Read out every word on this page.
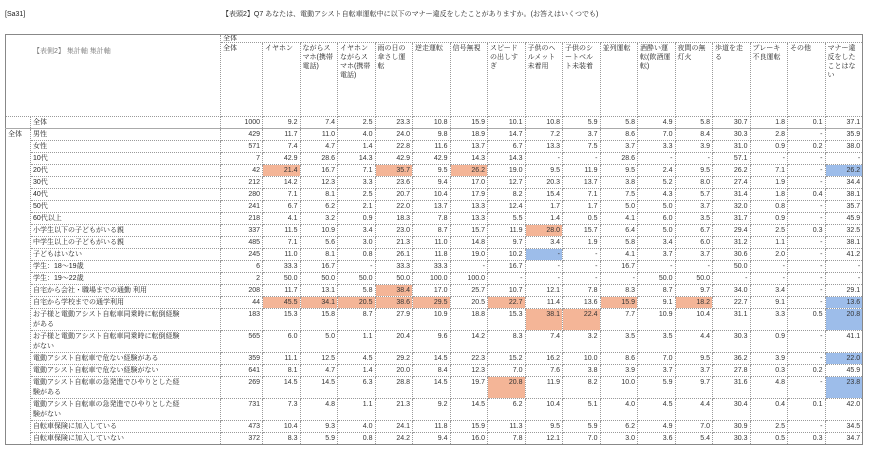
[Sa31]	【表頭2】Q7 あなたは、電動アシスト自転車運転中に以下のマナー違反をしたことがありますか。(お答えはいくつでも)
【表側2】 集計軸 集計軸		全体																
		全体	イヤホン	ながらスマホ(携帯電話)	イヤホン ながらスマホ(携帯電話)	雨の日の傘さし運転	逆走運転	信号無視	スピードの出しすぎ	子供のヘルメット未着用	子供のシートベルト未装着	並列運転	酒酔い運転(飲酒運転)	夜間の無灯火	歩道を走る	ブレーキ不良運転	その他	マナー違反をしたことはない

	全体	1000	9.2	7.4	2.5	23.3	10.8	15.9	10.1	10.8	5.9	5.8	4.9	5.8	30.7	1.8	0.1	37.1
全体	男性	429	11.7	11.0	4.0	24.0	9.8	18.9	14.7	7.2	3.7	8.6	7.0	8.4	30.3	2.8	-	35.9

	女性	571	7.4	4.7	1.4	22.8	11.6	13.7	6.7	13.3	7.5	3.7	3.3	3.9	31.0	0.9	0.2	38.0

	10代	7	42.9	28.6	14.3	42.9	42.9	14.3	14.3	-	-	28.6	-	-	57.1	-	-	-

	20代	42	21.4	16.7	7.1	35.7	9.5	26.2	19.0	9.5	11.9	9.5	2.4	9.5	26.2	7.1	-	26.2

	30代	212	14.2	12.3	3.3	23.6	9.4	17.0	12.7	20.3	13.7	3.8	5.2	8.0	27.4	1.9	-	34.4

	40代	280	7.1	8.1	2.5	20.7	10.4	17.9	8.2	15.4	7.1	7.5	4.3	5.7	31.4	1.8	0.4	38.1

	50代	241	6.7	6.2	2.1	22.0	13.7	13.3	12.4	1.7	1.7	5.0	5.0	3.7	32.0	0.8	-	35.7

	60代以上	218	4.1	3.2	0.9	18.3	7.8	13.3	5.5	1.4	0.5	4.1	6.0	3.5	31.7	0.9	-	45.9

	小学生以下の子どもがいる親	337	11.5	10.9	3.4	23.0	8.7	15.7	11.9	28.0	15.7	6.4	5.0	6.7	29.4	2.5	0.3	32.5

	中学生以上の子どもがいる親	485	7.1	5.6	3.0	21.3	11.0	14.8	9.7	3.4	1.9	5.8	3.4	6.0	31.2	1.1	-	38.1

	子どもはいない	245	11.0	8.1	0.8	26.1	11.8	19.0	10.2	-	-	4.1	3.7	3.7	30.6	2.0	-	41.2

	学生：18～19歳	6	33.3	16.7	-	33.3	33.3	-	16.7	-	-	16.7	-	-	50.0	-	-	-

	学生：19～22歳	2	50.0	50.0	50.0	50.0	100.0	100.0	-	-	-	-	50.0	50.0	-	-	-	-

	自宅から会社・職場までの通勤 利用	208	11.7	13.1	5.8	38.4	17.0	25.7	10.7	12.1	7.8	8.3	8.7	9.7	34.0	3.4	-	29.1

	自宅から学校までの通学利用	44	45.5	34.1	20.5	38.6	29.5	20.5	22.7	11.4	13.6	15.9	9.1	18.2	22.7	9.1	-	13.6

	お子様と電動アシスト自転車同乗時に転倒経験がある	183	15.3	15.8	8.7	27.9	10.9	18.8	15.3	38.1	22.4	7.7	10.9	10.4	31.1	3.3	0.5	20.8

	お子様と電動アシスト自転車同乗時に転倒経験がない	565	6.0	5.0	1.1	20.4	9.6	14.2	8.3	7.4	3.2	3.5	3.5	4.4	30.3	0.9	-	41.1

	電動アシスト自転車で危ない経験がある	359	11.1	12.5	4.5	29.2	14.5	22.3	15.2	16.2	10.0	8.6	7.0	9.5	36.2	3.9	-	22.0

	電動アシスト自転車で危ない経験がない	641	8.1	4.7	1.4	20.0	8.4	12.3	7.0	7.6	3.8	3.9	3.7	3.7	27.8	0.3	0.2	45.9

	電動アシスト自転車の急発進でひやりとした経験がある	269	14.5	14.5	6.3	28.8	14.5	19.7	20.8	11.9	8.2	10.0	5.9	9.7	31.6	4.8	-	23.8

	電動アシスト自転車の急発進でひやりとした経験がない	731	7.3	4.8	1.1	21.3	9.2	14.5	6.2	10.4	5.1	4.0	4.5	4.4	30.4	0.4	0.1	42.0

	自転車保険に加入している	473	10.4	9.3	4.0	24.1	11.8	15.9	11.3	9.5	5.9	6.2	4.9	7.0	30.9	2.5	-	34.5

	自転車保険に加入していない	372	8.3	5.9	0.8	24.2	9.4	16.0	7.8	12.1	7.0	3.0	3.6	5.4	30.3	0.5	0.3	34.7
